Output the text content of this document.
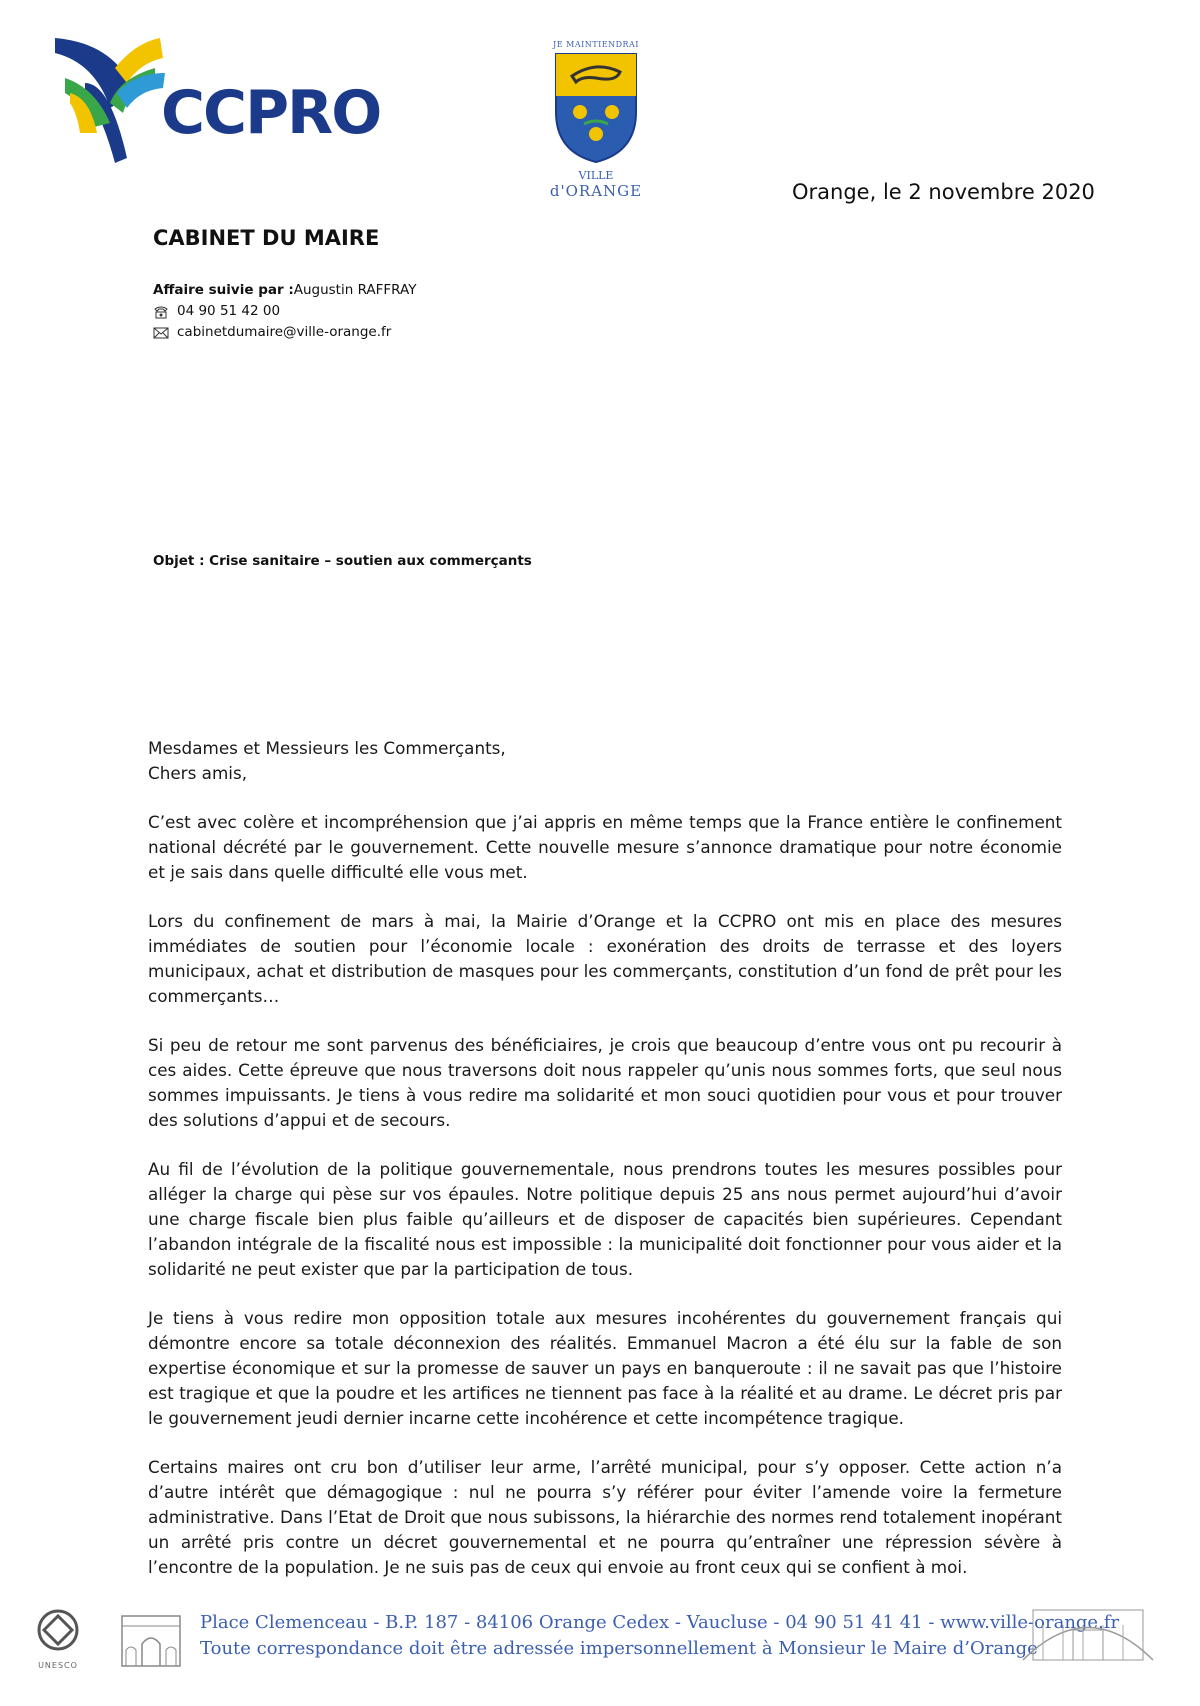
CCPRO
JE MAINTIENDRAI
VILLE
d'ORANGE	Orange, le 2 novembre 2020
CABINET DU MAIRE
Affaire suivie par : Augustin RAFFRAY
04 90 51 42 00
cabinetdumaire@ville-orange.fr
Objet : Crise sanitaire – soutien aux commerçants
Mesdames et Messieurs les Commerçants,
Chers amis,

C’est avec colère et incompréhension que j’ai appris en même temps que la France entière le confinement national décrété par le gouvernement. Cette nouvelle mesure s’annonce dramatique pour notre économie et je sais dans quelle difficulté elle vous met.

Lors du confinement de mars à mai, la Mairie d’Orange et la CCPRO ont mis en place des mesures immédiates de soutien pour l’économie locale : exonération des droits de terrasse et des loyers municipaux, achat et distribution de masques pour les commerçants, constitution d’un fond de prêt pour les commerçants…

Si peu de retour me sont parvenus des bénéficiaires, je crois que beaucoup d’entre vous ont pu recourir à ces aides. Cette épreuve que nous traversons doit nous rappeler qu’unis nous sommes forts, que seul nous sommes impuissants. Je tiens à vous redire ma solidarité et mon souci quotidien pour vous et pour trouver des solutions d’appui et de secours.

Au fil de l’évolution de la politique gouvernementale, nous prendrons toutes les mesures possibles pour alléger la charge qui pèse sur vos épaules. Notre politique depuis 25 ans nous permet aujourd’hui d’avoir une charge fiscale bien plus faible qu’ailleurs et de disposer de capacités bien supérieures. Cependant l’abandon intégrale de la fiscalité nous est impossible : la municipalité doit fonctionner pour vous aider et la solidarité ne peut exister que par la participation de tous.

Je tiens à vous redire mon opposition totale aux mesures incohérentes du gouvernement français qui démontre encore sa totale déconnexion des réalités. Emmanuel Macron a été élu sur la fable de son expertise économique et sur la promesse de sauver un pays en banqueroute : il ne savait pas que l’histoire est tragique et que la poudre et les artifices ne tiennent pas face à la réalité et au drame. Le décret pris par le gouvernement jeudi dernier incarne cette incohérence et cette incompétence tragique.

Certains maires ont cru bon d’utiliser leur arme, l’arrêté municipal, pour s’y opposer. Cette action n’a d’autre intérêt que démagogique : nul ne pourra s’y référer pour éviter l’amende voire la fermeture administrative. Dans l’Etat de Droit que nous subissons, la hiérarchie des normes rend totalement inopérant un arrêté pris contre un décret gouvernemental et ne pourra qu’entraîner une répression sévère à l’encontre de la population. Je ne suis pas de ceux qui envoie au front ceux qui se confient à moi.

UNESCO
Place Clemenceau - B.P. 187 - 84106 Orange Cedex - Vaucluse - 04 90 51 41 41 - www.ville-orange.fr
Toute correspondance doit être adressée impersonnellement à Monsieur le Maire d’Orange
